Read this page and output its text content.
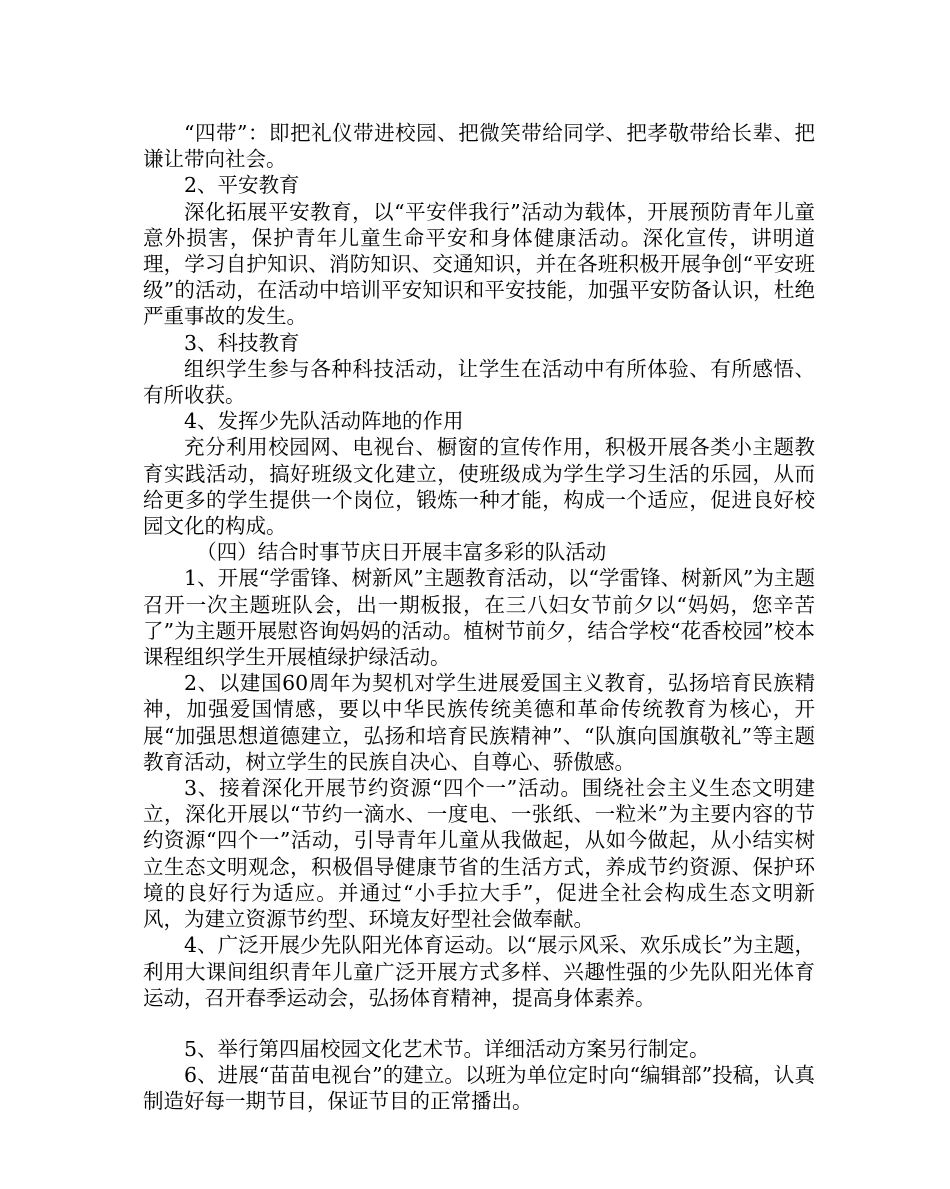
“四带”：即把礼仪带进校园、把微笑带给同学、把孝敬带给长辈、把谦让带向社会。

2、平安教育

深化拓展平安教育，以“平安伴我行”活动为载体，开展预防青年儿童意外损害，保护青年儿童生命平安和身体健康活动。深化宣传，讲明道理，学习自护知识、消防知识、交通知识，并在各班积极开展争创“平安班级”的活动，在活动中培训平安知识和平安技能，加强平安防备认识，杜绝严重事故的发生。

3、科技教育

组织学生参与各种科技活动，让学生在活动中有所体验、有所感悟、有所收获。

4、发挥少先队活动阵地的作用

充分利用校园网、电视台、橱窗的宣传作用，积极开展各类小主题教育实践活动，搞好班级文化建立，使班级成为学生学习生活的乐园，从而给更多的学生提供一个岗位，锻炼一种才能，构成一个适应，促进良好校园文化的构成。

（四）结合时事节庆日开展丰富多彩的队活动

1、开展“学雷锋、树新风”主题教育活动，以“学雷锋、树新风”为主题召开一次主题班队会，出一期板报，在三八妇女节前夕以“妈妈，您辛苦了”为主题开展慰咨询妈妈的活动。植树节前夕，结合学校“花香校园”校本课程组织学生开展植绿护绿活动。

2、以建国60周年为契机对学生进展爱国主义教育，弘扬培育民族精神，加强爱国情感，要以中华民族传统美德和革命传统教育为核心，开展“加强思想道德建立，弘扬和培育民族精神”、“队旗向国旗敬礼”等主题教育活动，树立学生的民族自决心、自尊心、骄傲感。

3、接着深化开展节约资源“四个一”活动。围绕社会主义生态文明建立，深化开展以“节约一滴水、一度电、一张纸、一粒米”为主要内容的节约资源“四个一”活动，引导青年儿童从我做起，从如今做起，从小结实树立生态文明观念，积极倡导健康节省的生活方式，养成节约资源、保护环境的良好行为适应。并通过“小手拉大手”，促进全社会构成生态文明新风，为建立资源节约型、环境友好型社会做奉献。

4、广泛开展少先队阳光体育运动。以“展示风采、欢乐成长”为主题，利用大课间组织青年儿童广泛开展方式多样、兴趣性强的少先队阳光体育运动，召开春季运动会，弘扬体育精神，提高身体素养。

5、举行第四届校园文化艺术节。详细活动方案另行制定。

6、进展“苗苗电视台”的建立。以班为单位定时向“编辑部”投稿，认真制造好每一期节目，保证节目的正常播出。
